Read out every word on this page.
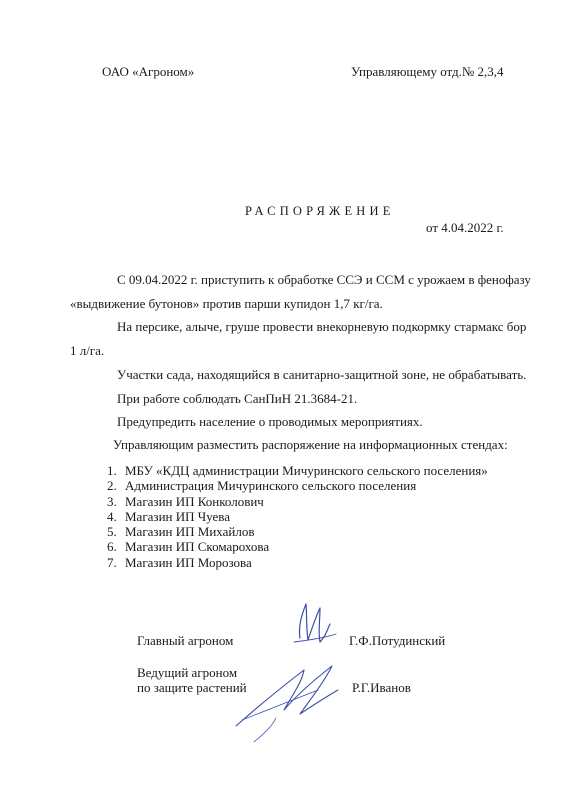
ОАО «Агроном»	Управляющему отд.№ 2,3,4
РАСПОРЯЖЕНИЕ
от 4.04.2022 г.
С 09.04.2022 г. приступить к обработке ССЭ и ССМ с урожаем в фенофазу
«выдвижение бутонов» против парши купидон 1,7 кг/га.
На персике, алыче, груше провести внекорневую подкормку стармакс бор
1 л/га.
Участки сада, находящийся в санитарно-защитной зоне, не обрабатывать.
При работе соблюдать СанПиН 21.3684-21.
Предупредить население о проводимых мероприятиях.
Управляющим разместить распоряжение на информационных стендах:
1. МБУ «КДЦ администрации Мичуринского сельского поселения»
2. Администрация Мичуринского сельского поселения
3. Магазин ИП Конколович
4. Магазин ИП Чуева
5. Магазин ИП Михайлов
6. Магазин ИП Скомарохова
7. Магазин ИП Морозова
Главный агроном	Г.Ф.Потудинский
Ведущий агроном
по защите растений	Р.Г.Иванов
